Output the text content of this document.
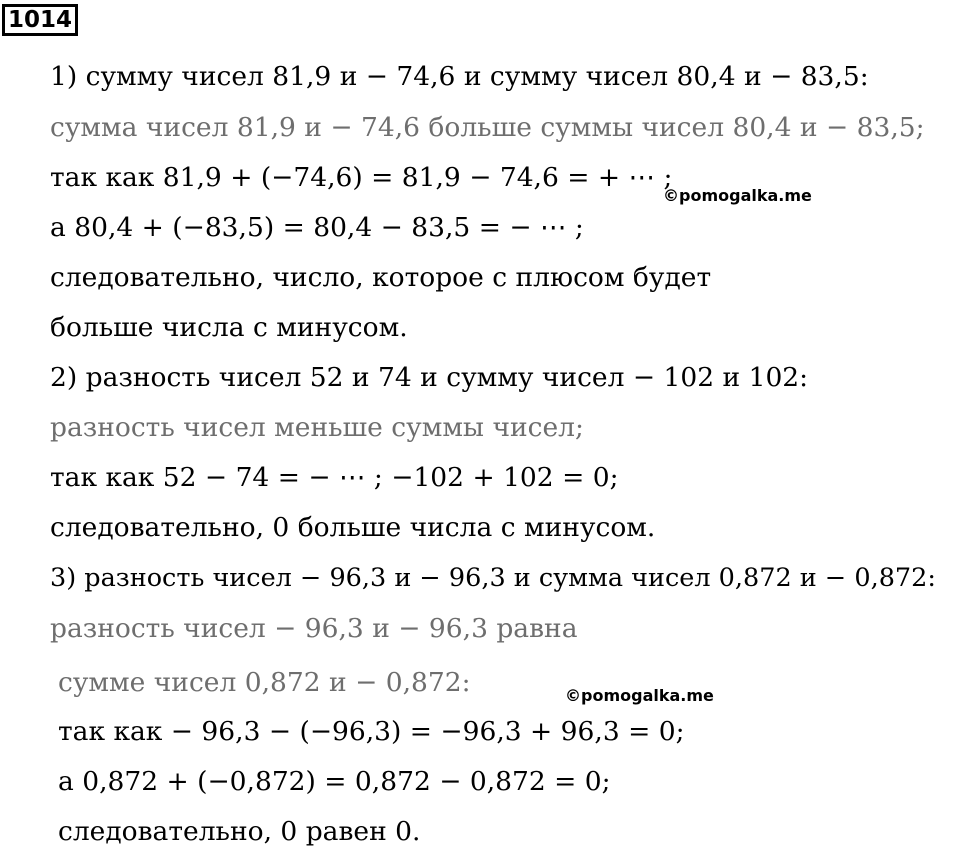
1014
1) сумму чисел 81,9 и − 74,6 и сумму чисел 80,4 и − 83,5:
сумма чисел 81,9 и − 74,6 больше суммы чисел 80,4 и − 83,5;
так как 81,9 + (−74,6) = 81,9 − 74,6 = + ⋯ ;
а 80,4 + (−83,5) = 80,4 − 83,5 = − ⋯ ;
следовательно, число, которое с плюсом будет
больше числа с минусом.
2) разность чисел 52 и 74 и сумму чисел − 102 и 102:
разность чисел меньше суммы чисел;
так как 52 − 74 = − ⋯ ; −102 + 102 = 0;
следовательно, 0 больше числа с минусом.
3) разность чисел − 96,3 и − 96,3 и сумма чисел 0,872 и − 0,872:
разность чисел − 96,3 и − 96,3 равна
сумме чисел 0,872 и − 0,872:
так как − 96,3 − (−96,3) = −96,3 + 96,3 = 0;
а 0,872 + (−0,872) = 0,872 − 0,872 = 0;
следовательно, 0 равен 0.
©pomogalka.me
©pomogalka.me
